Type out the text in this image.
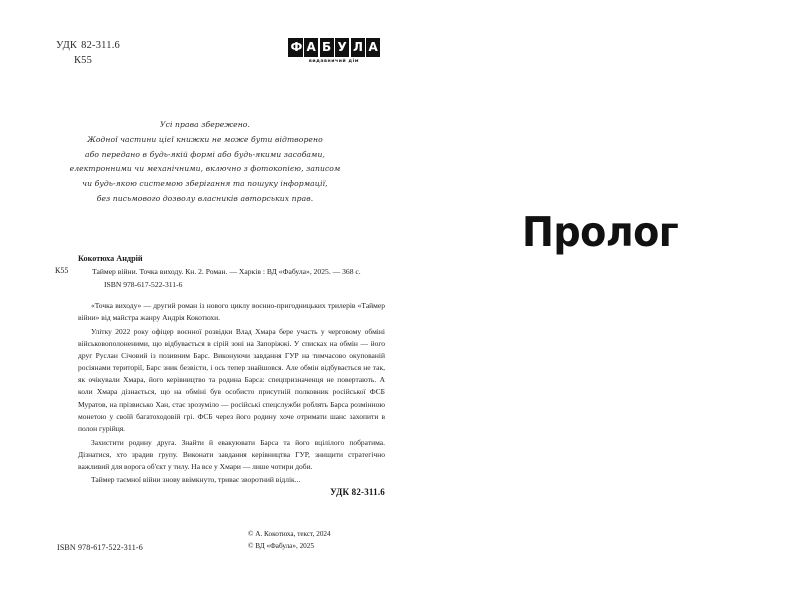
УДК 82-311.6
К55
Ф А Б У Л А
видавничий дім
Усі права збережено.
Жодної частини цієї книжки не може бути відтворено
або передано в будь-якій формі або будь-якими засобами,
електронними чи механічними, включно з фотокопією, записом
чи будь-якою системою зберігання та пошуку інформації,
без письмового дозволу власників авторських прав.
К55
Кокотюха Андрій
Таймер війни. Точка виходу. Кн. 2. Роман. — Харків : ВД «Фабула», 2025. — 368 с.
ISBN 978-617-522-311-6

«Точка виходу» — другий роман із нового циклу воєнно-пригодницьких трилерів «Таймер війни» від майстра жанру Андрія Кокотюхи.

Улітку 2022 року офіцер воєнної розвідки Влад Хмара бере участь у черговому обміні військовополоненими, що відбувається в сірій зоні на Запоріжжі. У списках на обмін — його друг Руслан Січовий із позивним Барс. Виконуючи завдання ГУР на тимчасово окупованій росіянами території, Барс зник безвісти, і ось тепер знайшовся. Але обмін відбувається не так, як очікували Хмара, його керівництво та родина Барса: спецпризначенця не повертають. А коли Хмара дізнається, що на обміні був особисто присутній полковник російської ФСБ Муратов, на прізвисько Хан, стає зрозуміло — російські спецслужби роблять Барса розмінною монетою у своїй багатоходовій грі. ФСБ через його родину хоче отримати шанс захопити в полон гурійця.

Захистити родину друга. Знайти й евакуювати Барса та його вцілілого побратима. Дізнатися, хто зрадив групу. Виконати завдання керівництва ГУР, знищити стратегічно важливий для ворога об'єкт у тилу. На все у Хмари — лише чотири доби.

Таймер таємної війни знову ввімкнуто, триває зворотний відлік...

УДК 82-311.6
ISBN 978-617-522-311-6
© А. Кокотюха, текст, 2024
© ВД «Фабула», 2025
Пролог
